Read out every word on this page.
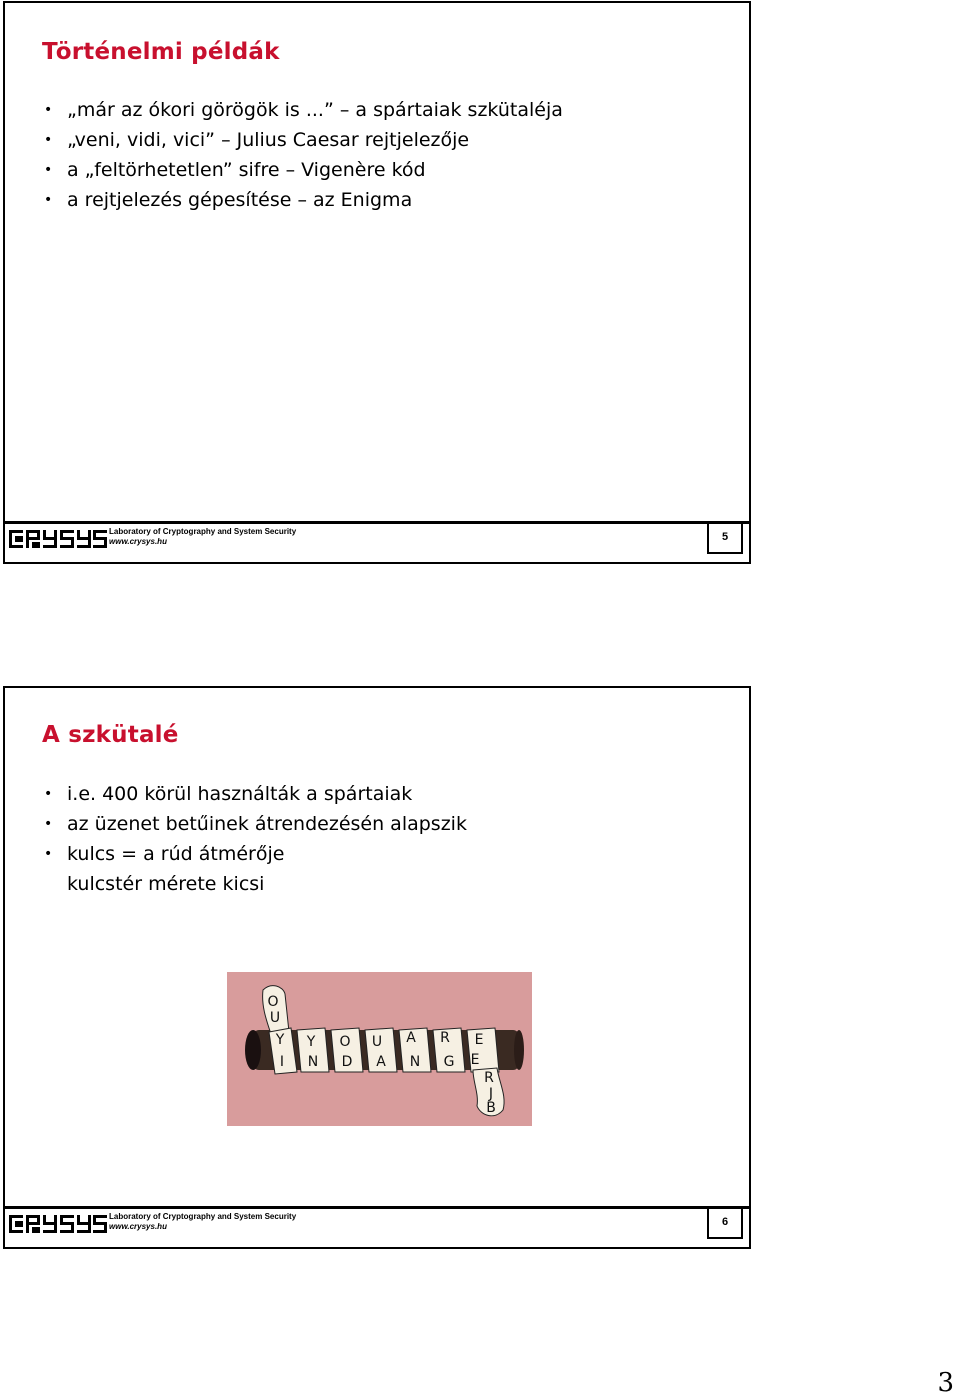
Történelmi példák
• „már az ókori görögök is ...” – a spártaiak szkütaléja
• „veni, vidi, vici” – Julius Caesar rejtjelezője
• a „feltörhetetlen” sifre – Vigenère kód
• a rejtjelezés gépesítése – az Enigma
Laboratory of Cryptography and System Security
www.crysys.hu	5
A szkütalé
• i.e. 400 körül használták a spártaiak
• az üzenet betűinek átrendezésén alapszik
• kulcs = a rúd átmérője
kulcstér mérete kicsi
O
U
Y
I N
Y O U
D A N
A R E
G E
R
J
B
Laboratory of Cryptography and System Security
www.crysys.hu	6
3
